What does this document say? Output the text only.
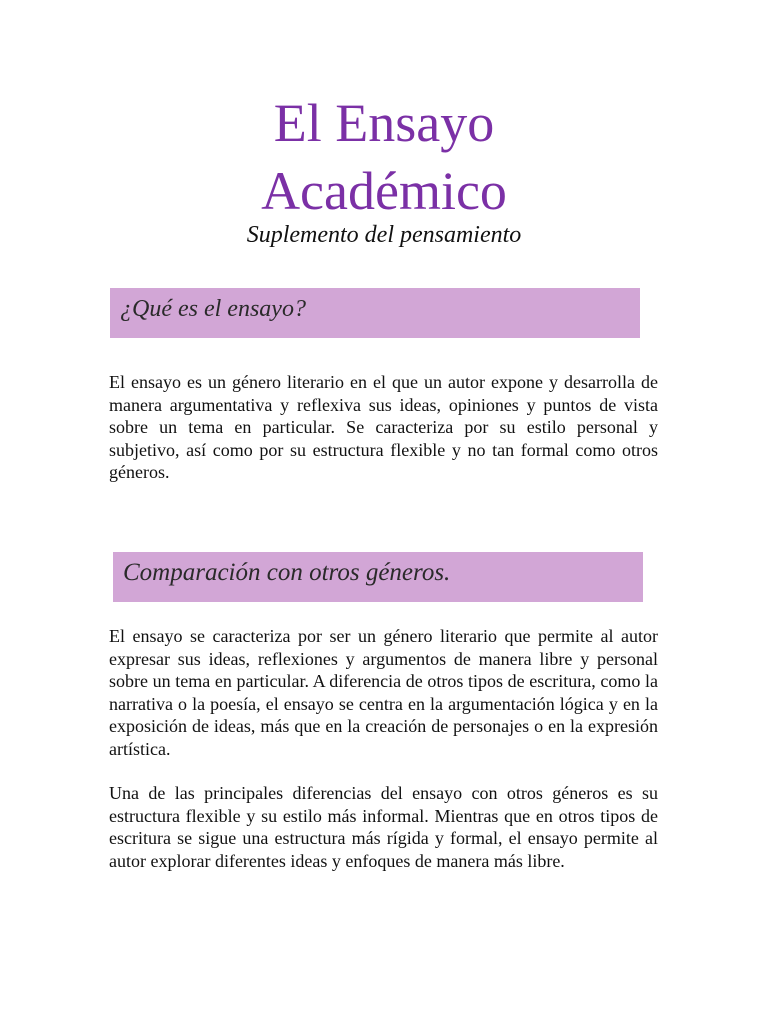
El Ensayo
Académico

Suplemento del pensamiento

¿Qué es el ensayo?

El ensayo es un género literario en el que un autor expone y desarrolla de manera argumentativa y reflexiva sus ideas, opiniones y puntos de vista sobre un tema en particular. Se caracteriza por su estilo personal y subjetivo, así como por su estructura flexible y no tan formal como otros géneros.

Comparación con otros géneros.

El ensayo se caracteriza por ser un género literario que permite al autor expresar sus ideas, reflexiones y argumentos de manera libre y personal sobre un tema en particular. A diferencia de otros tipos de escritura, como la narrativa o la poesía, el ensayo se centra en la argumentación lógica y en la exposición de ideas, más que en la creación de personajes o en la expresión artística.

Una de las principales diferencias del ensayo con otros géneros es su estructura flexible y su estilo más informal. Mientras que en otros tipos de escritura se sigue una estructura más rígida y formal, el ensayo permite al autor explorar diferentes ideas y enfoques de manera más libre.
